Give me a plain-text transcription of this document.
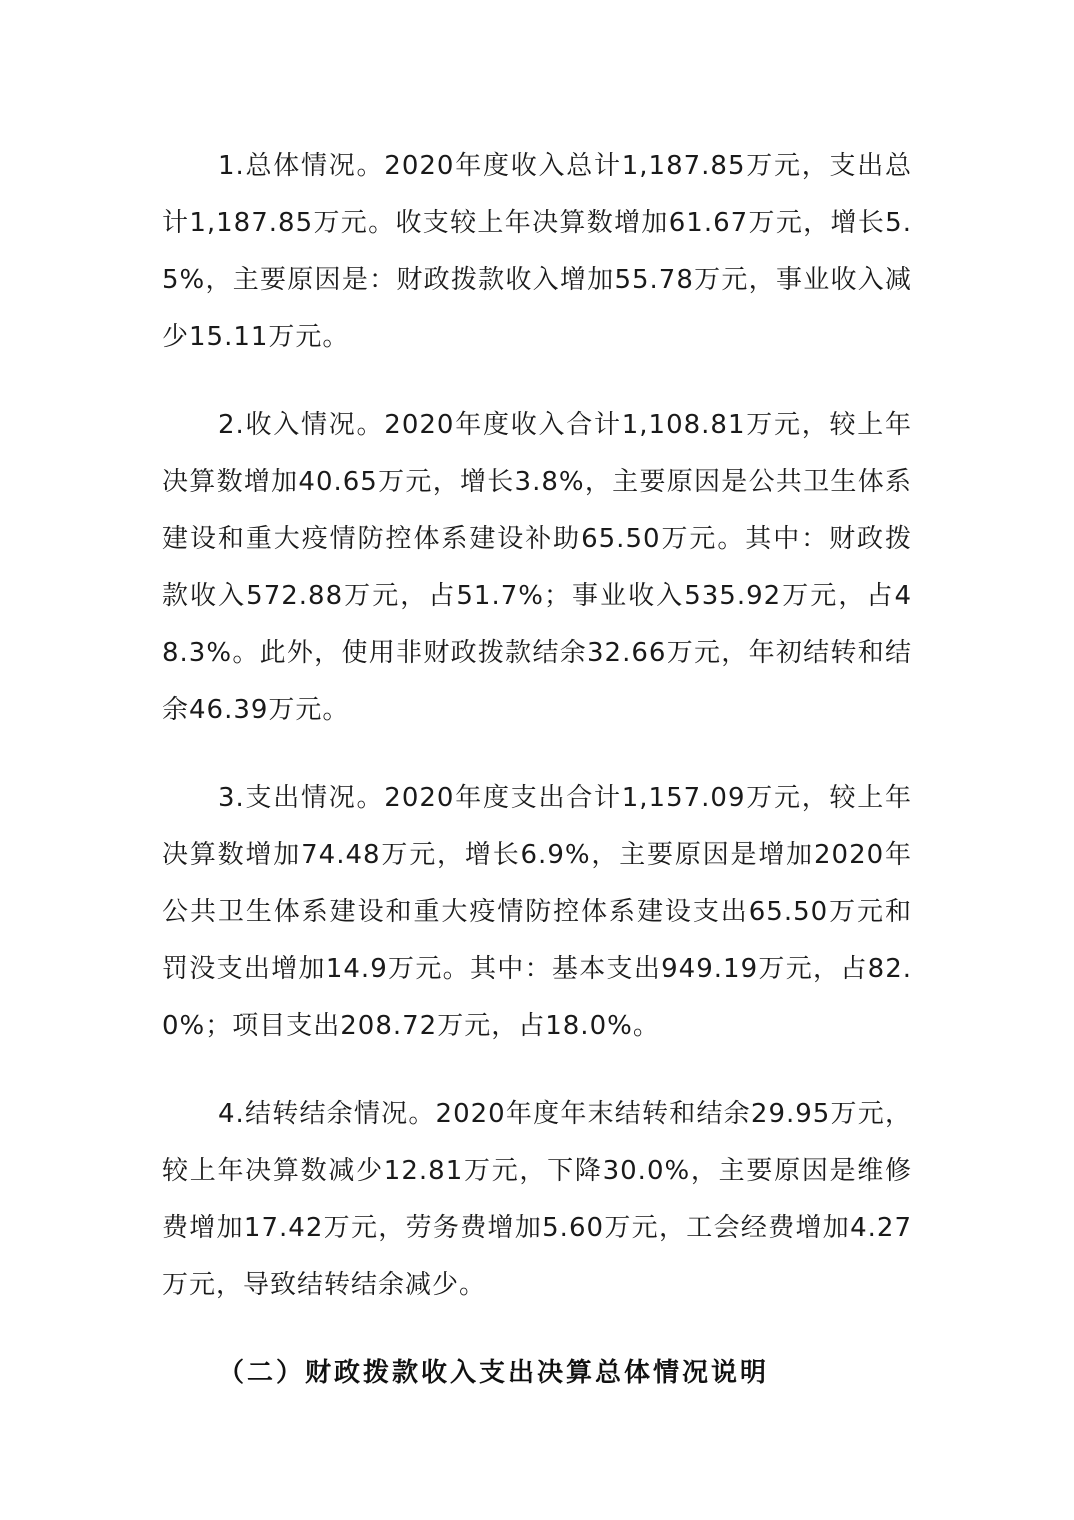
1.总体情况。2020年度收入总计1,187.85万元，支出总计1,187.85万元。收支较上年决算数增加61.67万元，增长5.5%，主要原因是：财政拨款收入增加55.78万元，事业收入减少15.11万元。

2.收入情况。2020年度收入合计1,108.81万元，较上年决算数增加40.65万元，增长3.8%，主要原因是公共卫生体系建设和重大疫情防控体系建设补助65.50万元。其中：财政拨款收入572.88万元，占51.7%；事业收入535.92万元，占48.3%。此外，使用非财政拨款结余32.66万元，年初结转和结余46.39万元。

3.支出情况。2020年度支出合计1,157.09万元，较上年决算数增加74.48万元，增长6.9%，主要原因是增加2020年公共卫生体系建设和重大疫情防控体系建设支出65.50万元和罚没支出增加14.9万元。其中：基本支出949.19万元，占82.0%；项目支出208.72万元，占18.0%。

4.结转结余情况。2020年度年末结转和结余29.95万元，较上年决算数减少12.81万元，下降30.0%，主要原因是维修费增加17.42万元，劳务费增加5.60万元，工会经费增加4.27万元，导致结转结余减少。

（二）财政拨款收入支出决算总体情况说明
